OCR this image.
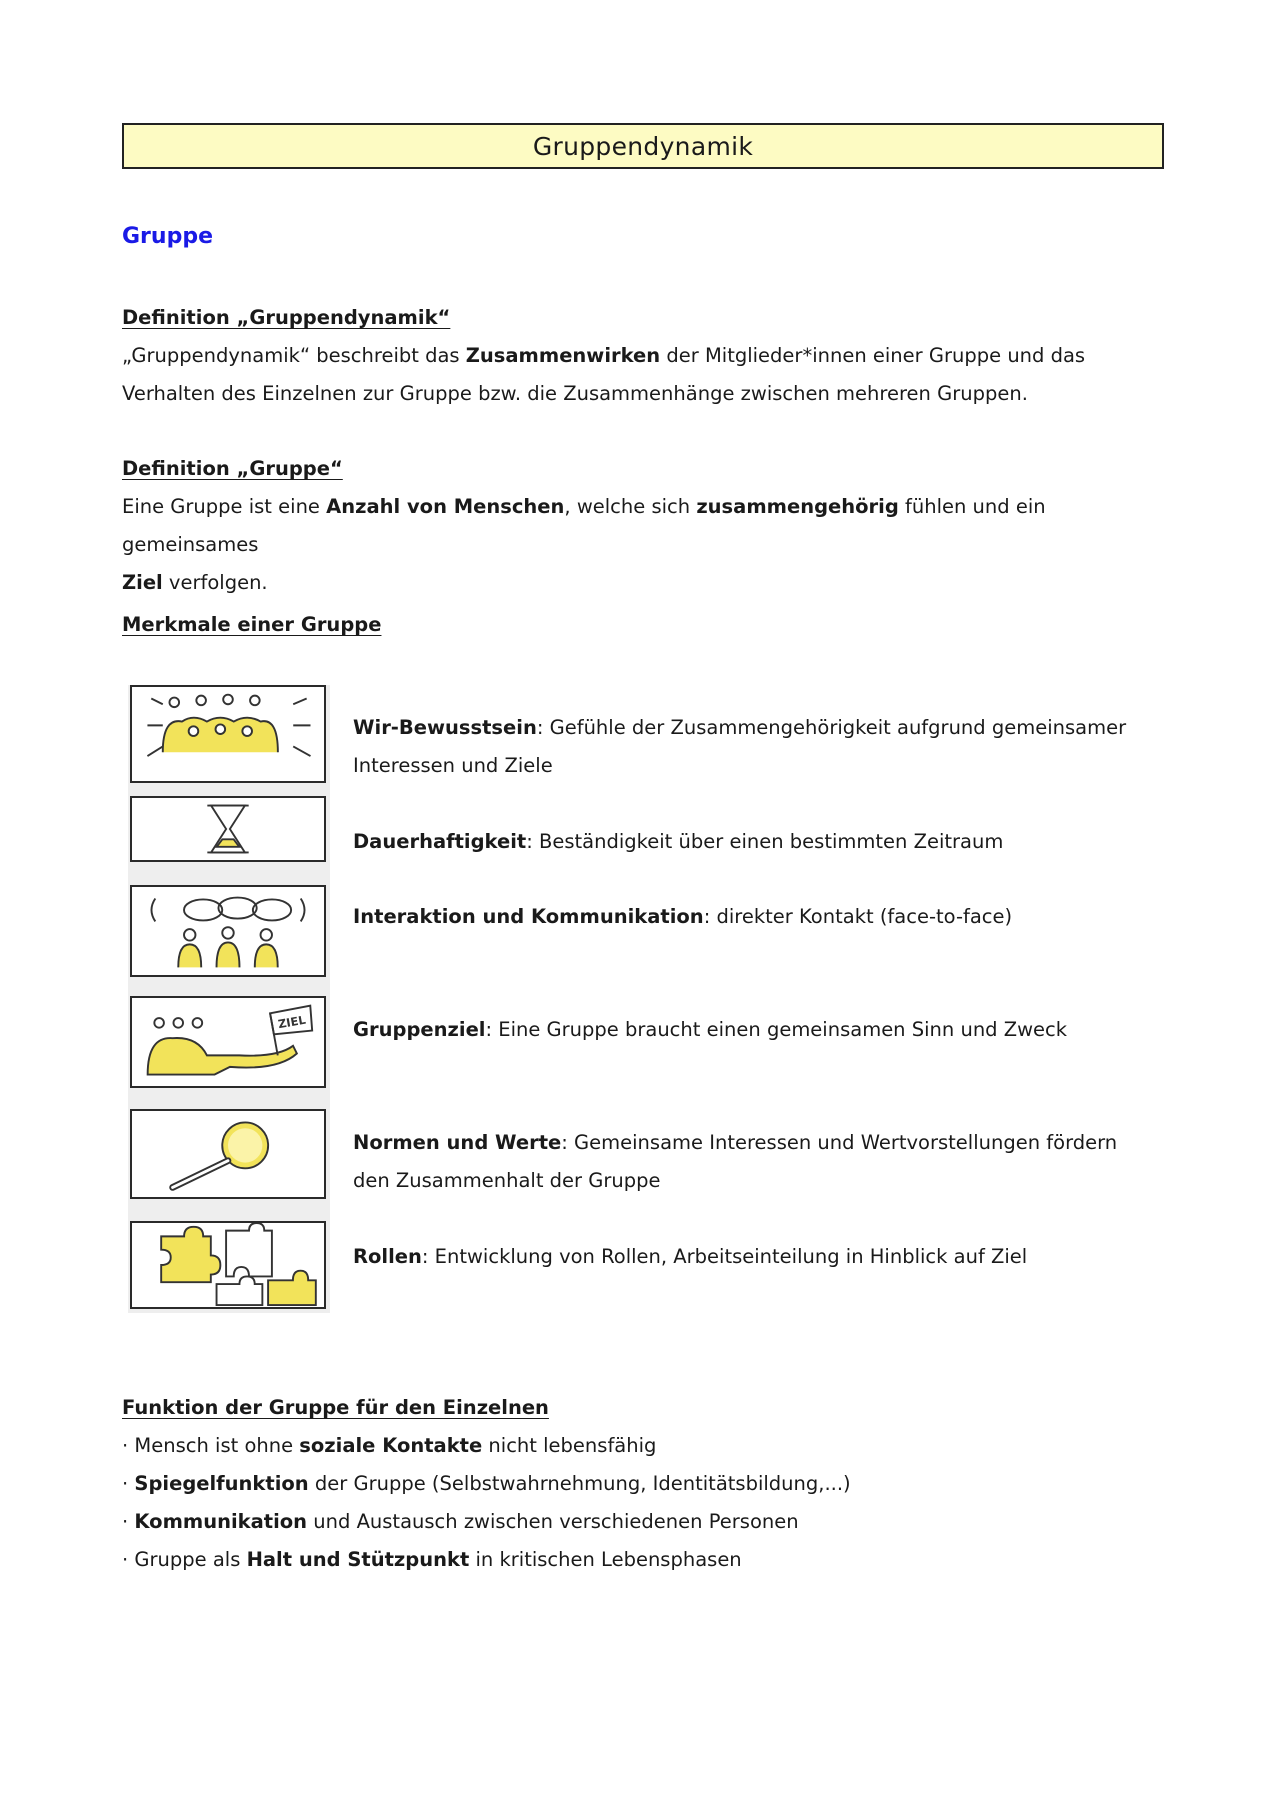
Gruppendynamik
Gruppe
Definition „Gruppendynamik“
„Gruppendynamik“ beschreibt das Zusammenwirken der Mitglieder*innen einer Gruppe und das
Verhalten des Einzelnen zur Gruppe bzw. die Zusammenhänge zwischen mehreren Gruppen.
Definition „Gruppe“
Eine Gruppe ist eine Anzahl von Menschen, welche sich zusammengehörig fühlen und ein gemeinsames
Ziel verfolgen.
Merkmale einer Gruppe
ZIEL
Wir-Bewusstsein: Gefühle der Zusammengehörigkeit aufgrund gemeinsamer
Interessen und Ziele
Dauerhaftigkeit: Beständigkeit über einen bestimmten Zeitraum
Interaktion und Kommunikation: direkter Kontakt (face-to-face)
Gruppenziel: Eine Gruppe braucht einen gemeinsamen Sinn und Zweck
Normen und Werte: Gemeinsame Interessen und Wertvorstellungen fördern
den Zusammenhalt der Gruppe
Rollen: Entwicklung von Rollen, Arbeitseinteilung in Hinblick auf Ziel
Funktion der Gruppe für den Einzelnen
· Mensch ist ohne soziale Kontakte nicht lebensfähig
· Spiegelfunktion der Gruppe (Selbstwahrnehmung, Identitätsbildung,...)
· Kommunikation und Austausch zwischen verschiedenen Personen
· Gruppe als Halt und Stützpunkt in kritischen Lebensphasen
